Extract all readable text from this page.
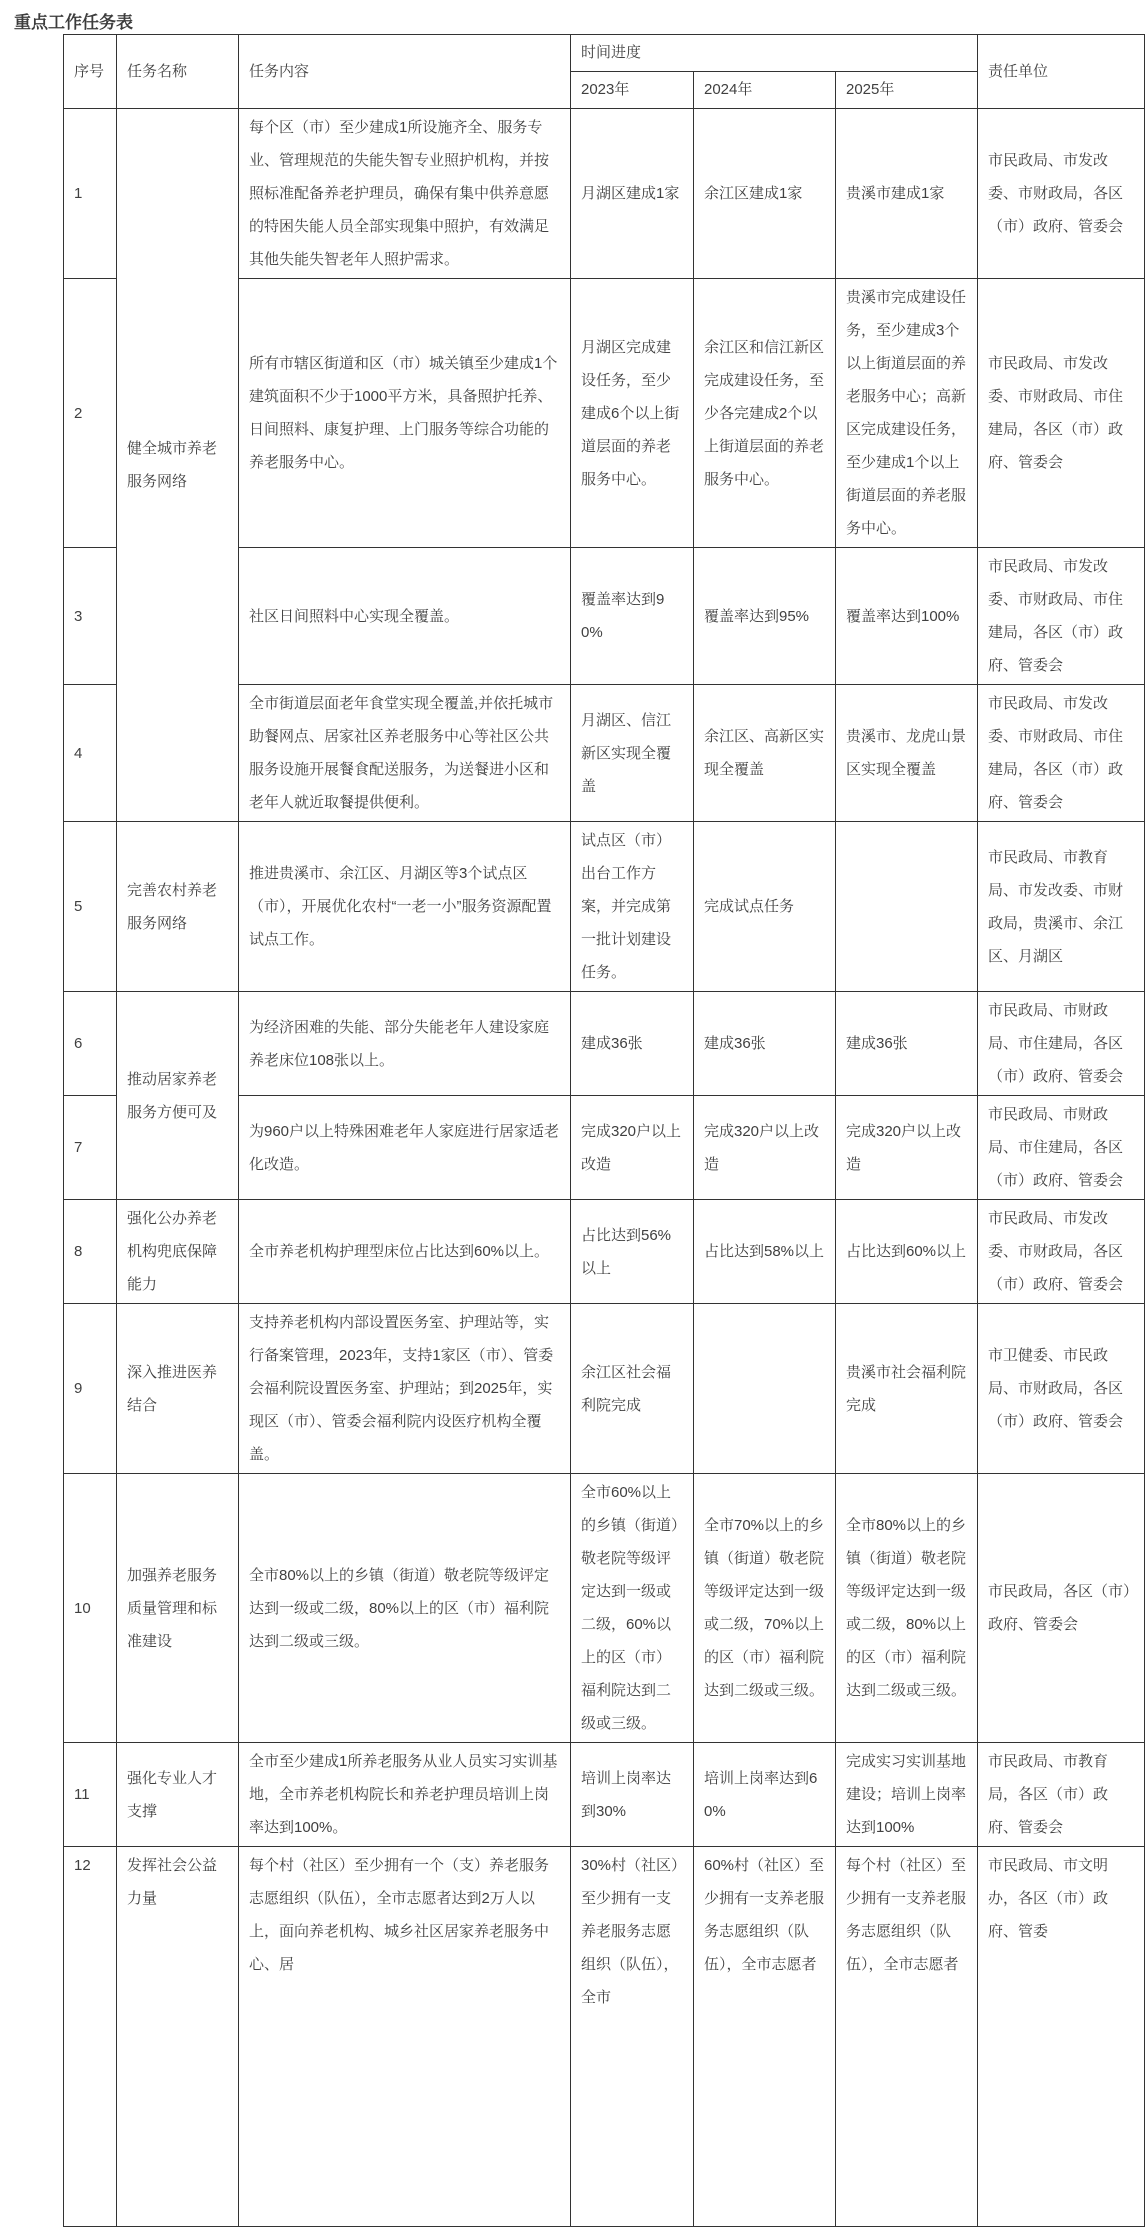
重点工作任务表
序号	任务名称	任务内容	时间进度			责任单位
			2023年	2024年	2025年	
1	健全城市养老服务网络	每个区（市）至少建成1所设施齐全、服务专业、管理规范的失能失智专业照护机构，并按照标准配备养老护理员，确保有集中供养意愿的特困失能人员全部实现集中照护，有效满足其他失能失智老年人照护需求。	月湖区建成1家	余江区建成1家	贵溪市建成1家	市民政局、市发改委、市财政局，各区（市）政府、管委会
2		所有市辖区街道和区（市）城关镇至少建成1个建筑面积不少于1000平方米，具备照护托养、日间照料、康复护理、上门服务等综合功能的养老服务中心。	月湖区完成建设任务，至少建成6个以上街道层面的养老服务中心。	余江区和信江新区完成建设任务，至少各完建成2个以上街道层面的养老服务中心。	贵溪市完成建设任务，至少建成3个以上街道层面的养老服务中心；高新区完成建设任务，至少建成1个以上街道层面的养老服务中心。	市民政局、市发改委、市财政局、市住建局，各区（市）政府、管委会
3		社区日间照料中心实现全覆盖。	覆盖率达到90%	覆盖率达到95%	覆盖率达到100%	市民政局、市发改委、市财政局、市住建局，各区（市）政府、管委会
4		全市街道层面老年食堂实现全覆盖,并依托城市助餐网点、居家社区养老服务中心等社区公共服务设施开展餐食配送服务，为送餐进小区和老年人就近取餐提供便利。	月湖区、信江新区实现全覆盖	余江区、高新区实现全覆盖	贵溪市、龙虎山景区实现全覆盖	市民政局、市发改委、市财政局、市住建局，各区（市）政府、管委会
5	完善农村养老服务网络	推进贵溪市、余江区、月湖区等3个试点区（市），开展优化农村“一老一小”服务资源配置试点工作。	试点区（市）出台工作方案，并完成第一批计划建设任务。	完成试点任务		市民政局、市教育局、市发改委、市财政局，贵溪市、余江区、月湖区
6	推动居家养老服务方便可及	为经济困难的失能、部分失能老年人建设家庭养老床位108张以上。	建成36张	建成36张	建成36张	市民政局、市财政局、市住建局，各区（市）政府、管委会
7		为960户以上特殊困难老年人家庭进行居家适老化改造。	完成320户以上改造	完成320户以上改造	完成320户以上改造	市民政局、市财政局、市住建局，各区（市）政府、管委会
8	强化公办养老机构兜底保障能力	全市养老机构护理型床位占比达到60%以上。	占比达到56%以上	占比达到58%以上	占比达到60%以上	市民政局、市发改委、市财政局，各区（市）政府、管委会
9	深入推进医养结合	支持养老机构内部设置医务室、护理站等，实行备案管理，2023年，支持1家区（市）、管委会福利院设置医务室、护理站；到2025年，实现区（市）、管委会福利院内设医疗机构全覆盖。	余江区社会福利院完成		贵溪市社会福利院完成	市卫健委、市民政局、市财政局，各区（市）政府、管委会
10	加强养老服务质量管理和标准建设	全市80%以上的乡镇（街道）敬老院等级评定达到一级或二级，80%以上的区（市）福利院达到二级或三级。	全市60%以上的乡镇（街道）敬老院等级评定达到一级或二级，60%以上的区（市）福利院达到二级或三级。	全市70%以上的乡镇（街道）敬老院等级评定达到一级或二级，70%以上的区（市）福利院达到二级或三级。	全市80%以上的乡镇（街道）敬老院等级评定达到一级或二级，80%以上的区（市）福利院达到二级或三级。	市民政局，各区（市）政府、管委会
11	强化专业人才支撑	全市至少建成1所养老服务从业人员实习实训基地，全市养老机构院长和养老护理员培训上岗率达到100%。	培训上岗率达到30%	培训上岗率达到60%	完成实习实训基地建设；培训上岗率达到100%	市民政局、市教育局，各区（市）政府、管委会
12	发挥社会公益力量	每个村（社区）至少拥有一个（支）养老服务志愿组织（队伍），全市志愿者达到2万人以上，面向养老机构、城乡社区居家养老服务中心、居	30%村（社区）至少拥有一支养老服务志愿组织（队伍），全市	60%村（社区）至少拥有一支养老服务志愿组织（队伍），全市志愿者	每个村（社区）至少拥有一支养老服务志愿组织（队伍），全市志愿者	市民政局、市文明办，各区（市）政府、管委
